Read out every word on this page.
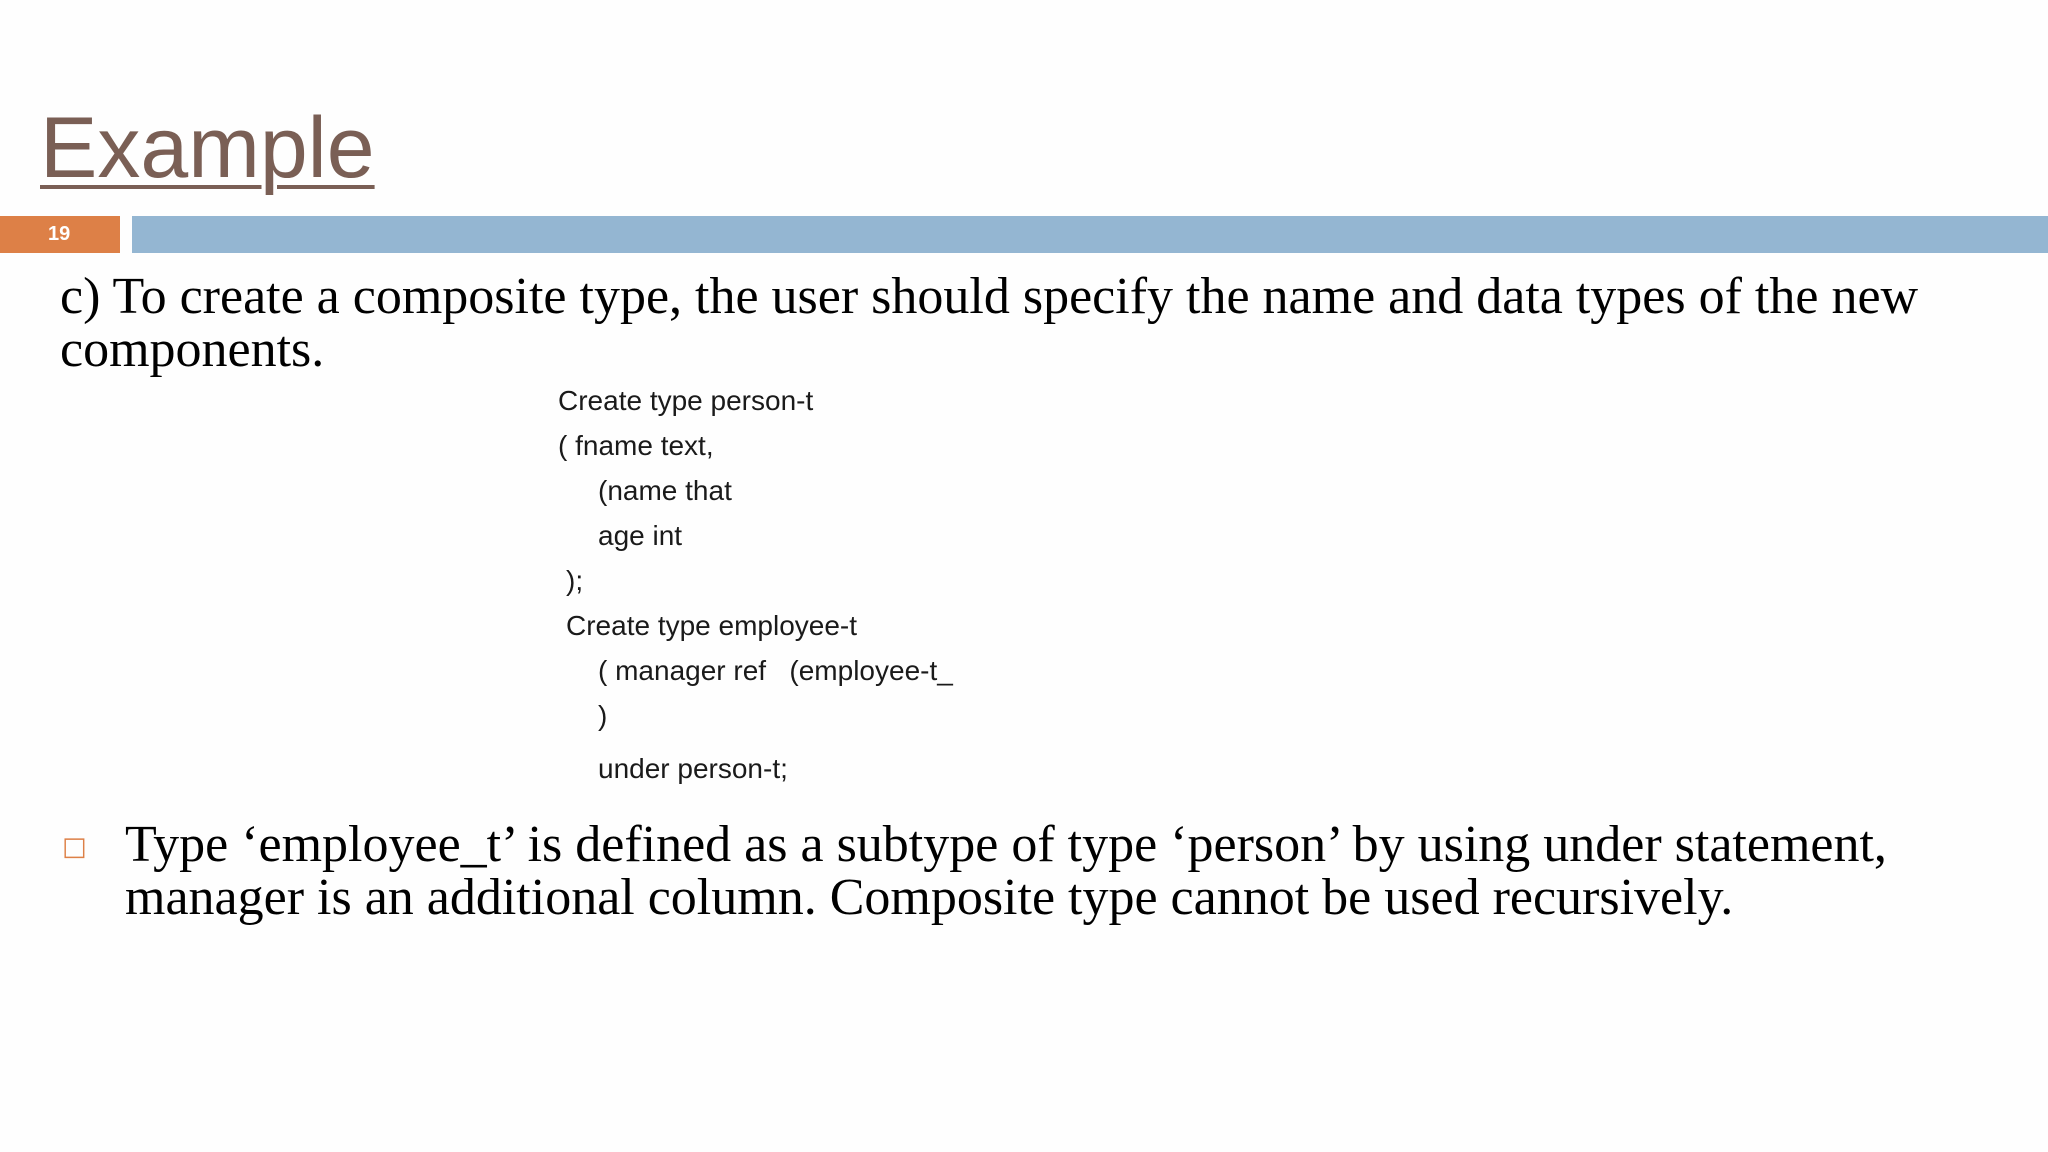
Example
19

c) To create a composite type, the user should specify the name and data types of the new components.

Create type person-t
( fname text,
(name that
age int
);
Create type employee-t
( manager ref   (employee-t_
)
under person-t;
□ Type ‘employee_t’ is defined as a subtype of type ‘person’ by using under statement, manager is an additional column. Composite type cannot be used recursively.
